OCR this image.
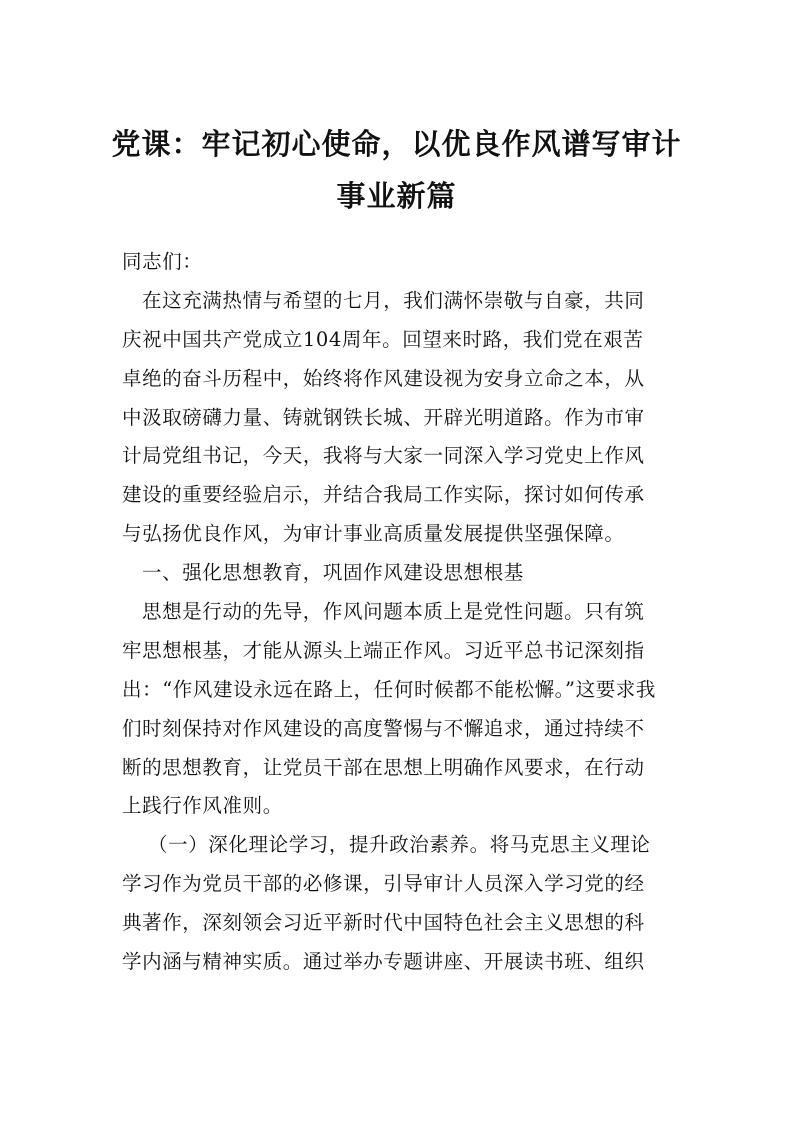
党课：牢记初心使命，以优良作风谱写审计
事业新篇
同志们：
在这充满热情与希望的七月，我们满怀崇敬与自豪，共同
庆祝中国共产党成立104周年。回望来时路，我们党在艰苦
卓绝的奋斗历程中，始终将作风建设视为安身立命之本，从
中汲取磅礴力量、铸就钢铁长城、开辟光明道路。作为市审
计局党组书记，今天，我将与大家一同深入学习党史上作风
建设的重要经验启示，并结合我局工作实际，探讨如何传承
与弘扬优良作风，为审计事业高质量发展提供坚强保障。
一、强化思想教育，巩固作风建设思想根基
思想是行动的先导，作风问题本质上是党性问题。只有筑
牢思想根基，才能从源头上端正作风。习近平总书记深刻指
出：“作风建设永远在路上，任何时候都不能松懈。”这要求我
们时刻保持对作风建设的高度警惕与不懈追求，通过持续不
断的思想教育，让党员干部在思想上明确作风要求，在行动
上践行作风准则。
（一）深化理论学习，提升政治素养。将马克思主义理论
学习作为党员干部的必修课，引导审计人员深入学习党的经
典著作，深刻领会习近平新时代中国特色社会主义思想的科
学内涵与精神实质。通过举办专题讲座、开展读书班、组织
